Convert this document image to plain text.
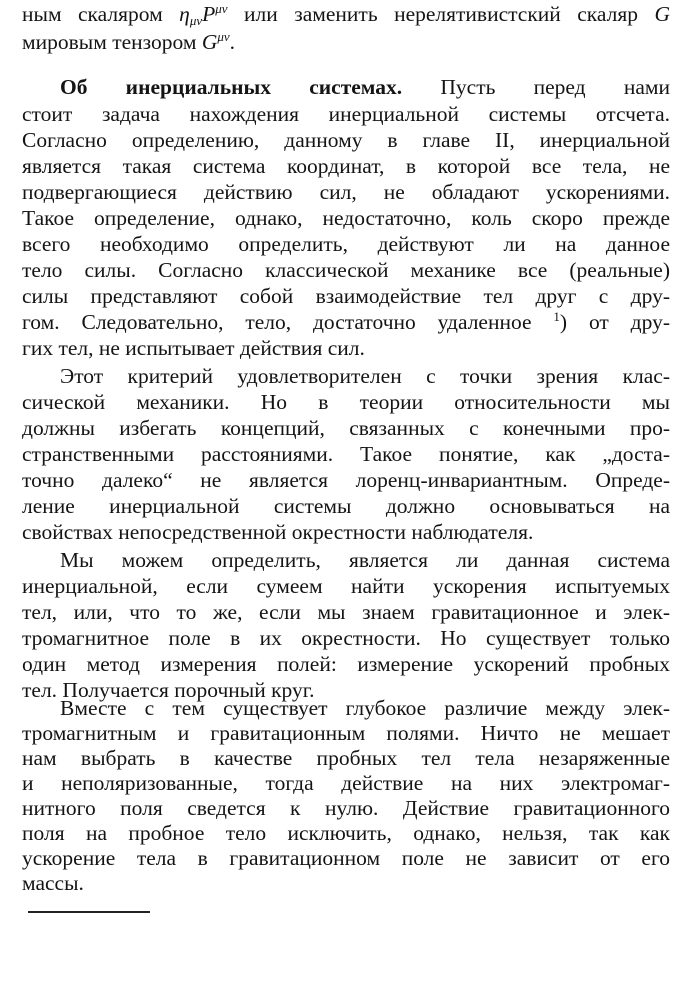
ным скаляром $\eta_{\mu\nu}P^{\mu\nu}$ или заменить нерелятивистский скаляр G
мировым тензором $G^{\mu\nu}$.
Об инерциальных системах. Пусть перед нами
стоит задача нахождения инерциальной системы отсчета.
Согласно определению, данному в главе II, инерциальной
является такая система координат, в которой все тела, не
подвергающиеся действию сил, не обладают ускорениями.
Такое определение, однако, недостаточно, коль скоро прежде
всего необходимо определить, действуют ли на данное
тело силы. Согласно классической механике все (реальные)
силы представляют собой взаимодействие тел друг с дру-
гом. Следовательно, тело, достаточно удаленное $^1$) от дру-
гих тел, не испытывает действия сил.
Этот критерий удовлетворителен с точки зрения клас-
сической механики. Но в теории относительности мы
должны избегать концепций, связанных с конечными про-
странственными расстояниями. Такое понятие, как „доста-
точно далеко“ не является лоренц-инвариантным. Опреде-
ление инерциальной системы должно основываться на
свойствах непосредственной окрестности наблюдателя.
Мы можем определить, является ли данная система
инерциальной, если сумеем найти ускорения испытуемых
тел, или, что то же, если мы знаем гравитационное и элек-
тромагнитное поле в их окрестности. Но существует только
один метод измерения полей: измерение ускорений пробных
тел. Получается порочный круг.
Вместе с тем существует глубокое различие между элек-
тромагнитным и гравитационным полями. Ничто не мешает
нам выбрать в качестве пробных тел тела незаряженные
и неполяризованные, тогда действие на них электромаг-
нитного поля сведется к нулю. Действие гравитационного
поля на пробное тело исключить, однако, нельзя, так как
ускорение тела в гравитационном поле не зависит от его
массы.
